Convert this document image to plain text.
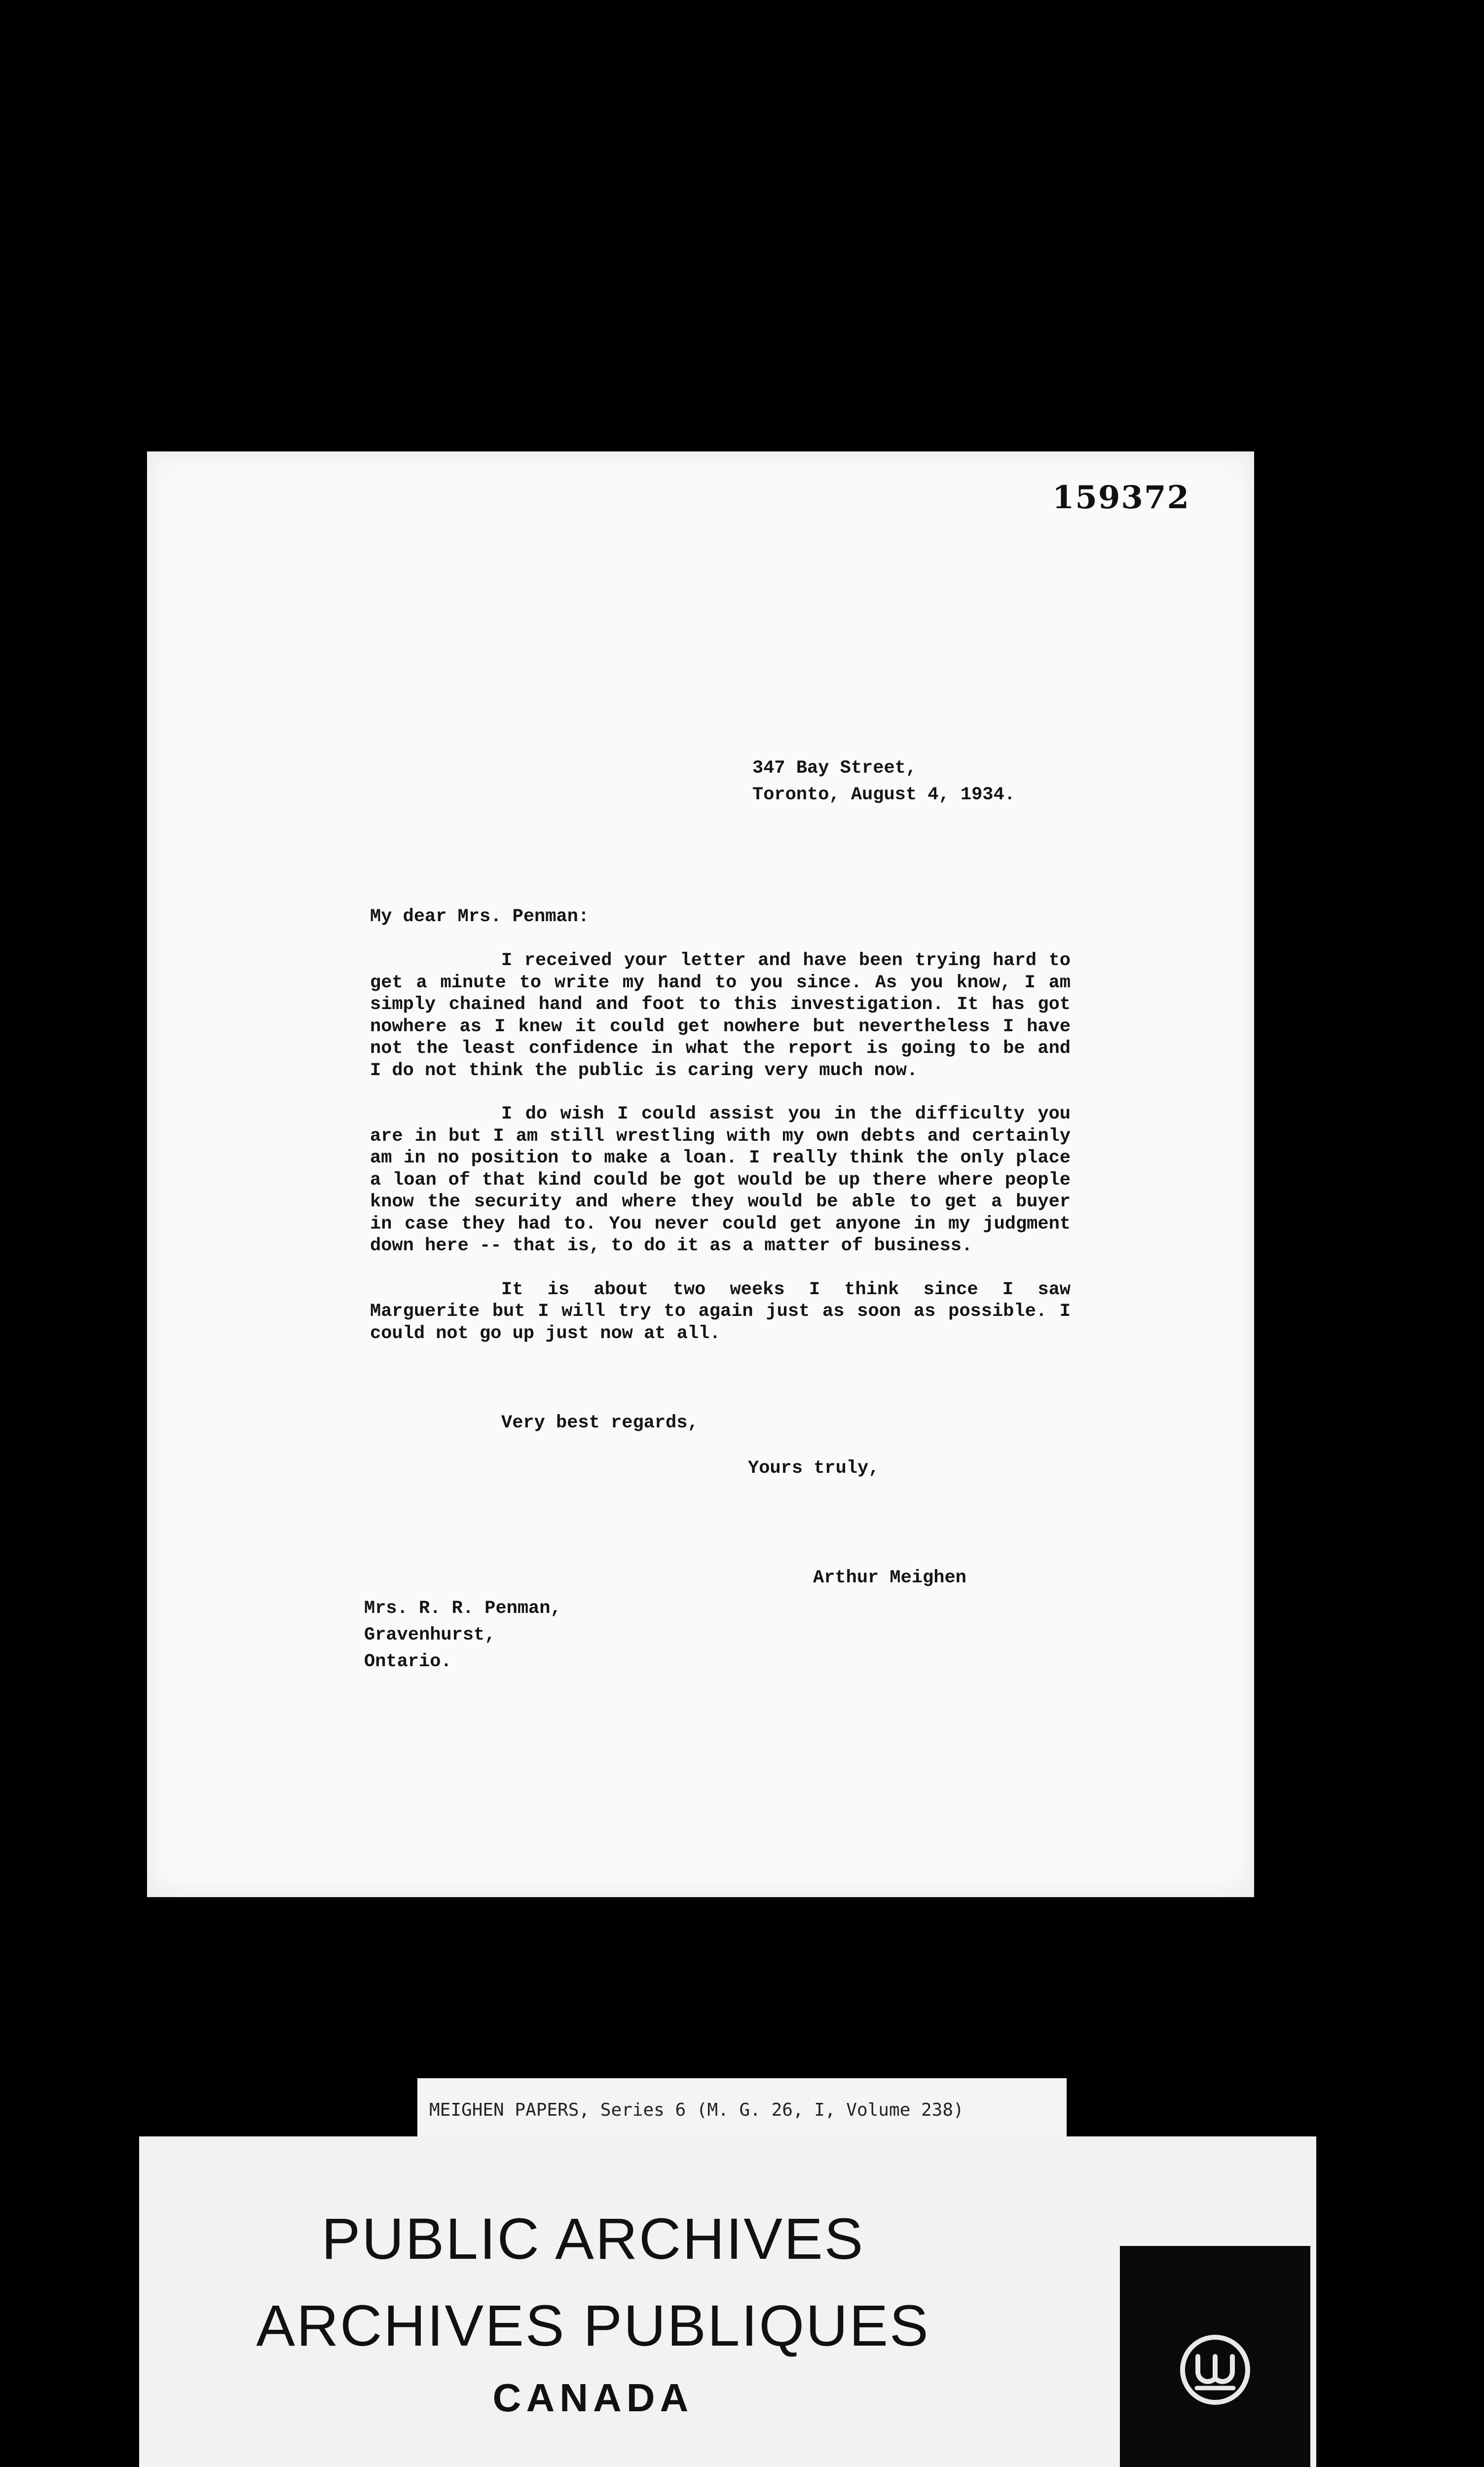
159372
347 Bay Street,
Toronto, August 4, 1934.
My dear Mrs. Penman:

I received your letter and have been trying hard to get a minute to write my hand to you since. As you know, I am simply chained hand and foot to this investigation. It has got nowhere as I knew it could get nowhere but nevertheless I have not the least confidence in what the report is going to be and I do not think the public is caring very much now.

I do wish I could assist you in the difficulty you are in but I am still wrestling with my own debts and certainly am in no position to make a loan. I really think the only place a loan of that kind could be got would be up there where people know the security and where they would be able to get a buyer in case they had to. You never could get anyone in my judgment down here -- that is, to do it as a matter of business.

It is about two weeks I think since I saw Marguerite but I will try to again just as soon as possible. I could not go up just now at all.

Very best regards,
Yours truly,
Arthur Meighen
Mrs. R. R. Penman,
Gravenhurst,
Ontario.
MEIGHEN PAPERS, Series 6 (M. G. 26, I, Volume 238)
PUBLIC ARCHIVES
ARCHIVES PUBLIQUES
CANADA
